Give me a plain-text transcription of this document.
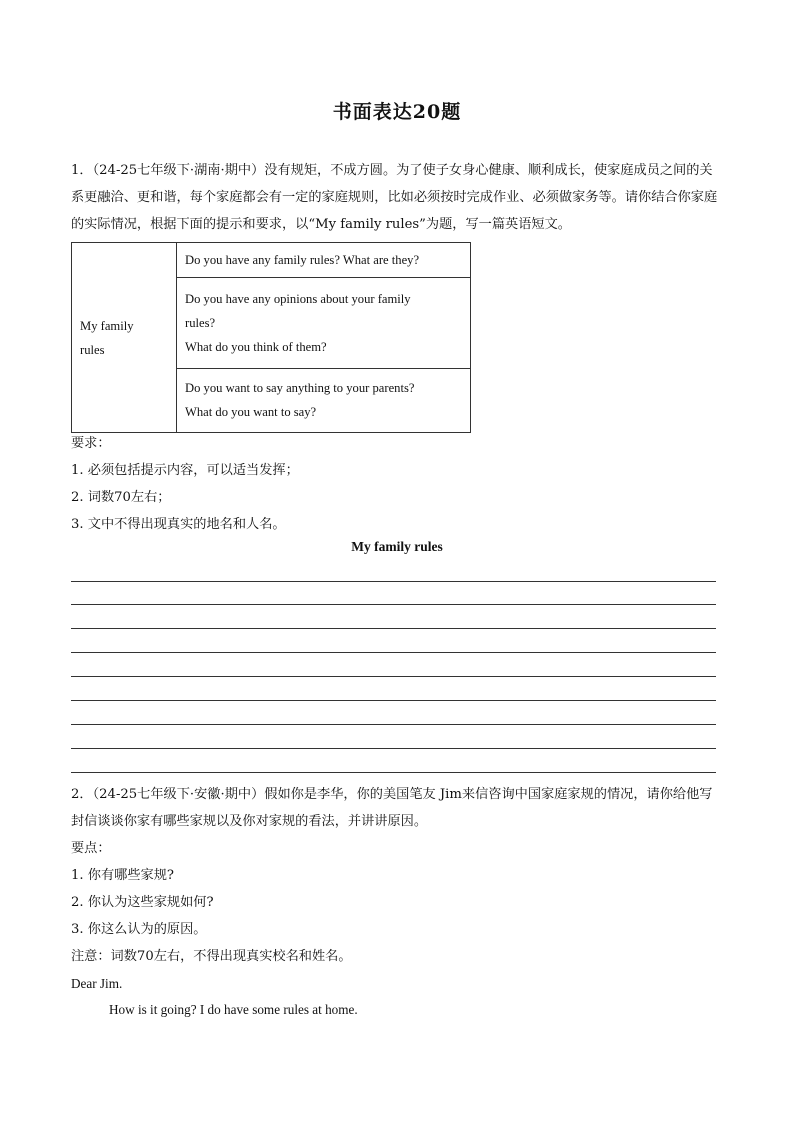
书面表达20题
1．（24-25七年级下·湖南·期中）没有规矩，不成方圆。为了使子女身心健康、顺利成长，使家庭成员之间的关系更融洽、更和谐，每个家庭都会有一定的家庭规则，比如必须按时完成作业、必须做家务等。请你结合你家庭的实际情况，根据下面的提示和要求，以“My family rules”为题，写一篇英语短文。
My family
rules

Do you have any family rules? What are they?

Do you have any opinions about your family
rules?
What do you think of them?

Do you want to say anything to your parents?
What do you want to say?
要求：
1. 必须包括提示内容，可以适当发挥；
2. 词数70左右；
3. 文中不得出现真实的地名和人名。
My family rules
2．（24-25七年级下·安徽·期中）假如你是李华，你的美国笔友 Jim来信咨询中国家庭家规的情况，请你给他写封信谈谈你家有哪些家规以及你对家规的看法，并讲讲原因。
要点：
1. 你有哪些家规?
2. 你认为这些家规如何?
3. 你这么认为的原因。
注意：词数70左右，不得出现真实校名和姓名。
Dear Jim.
How is it going? I do have some rules at home.
